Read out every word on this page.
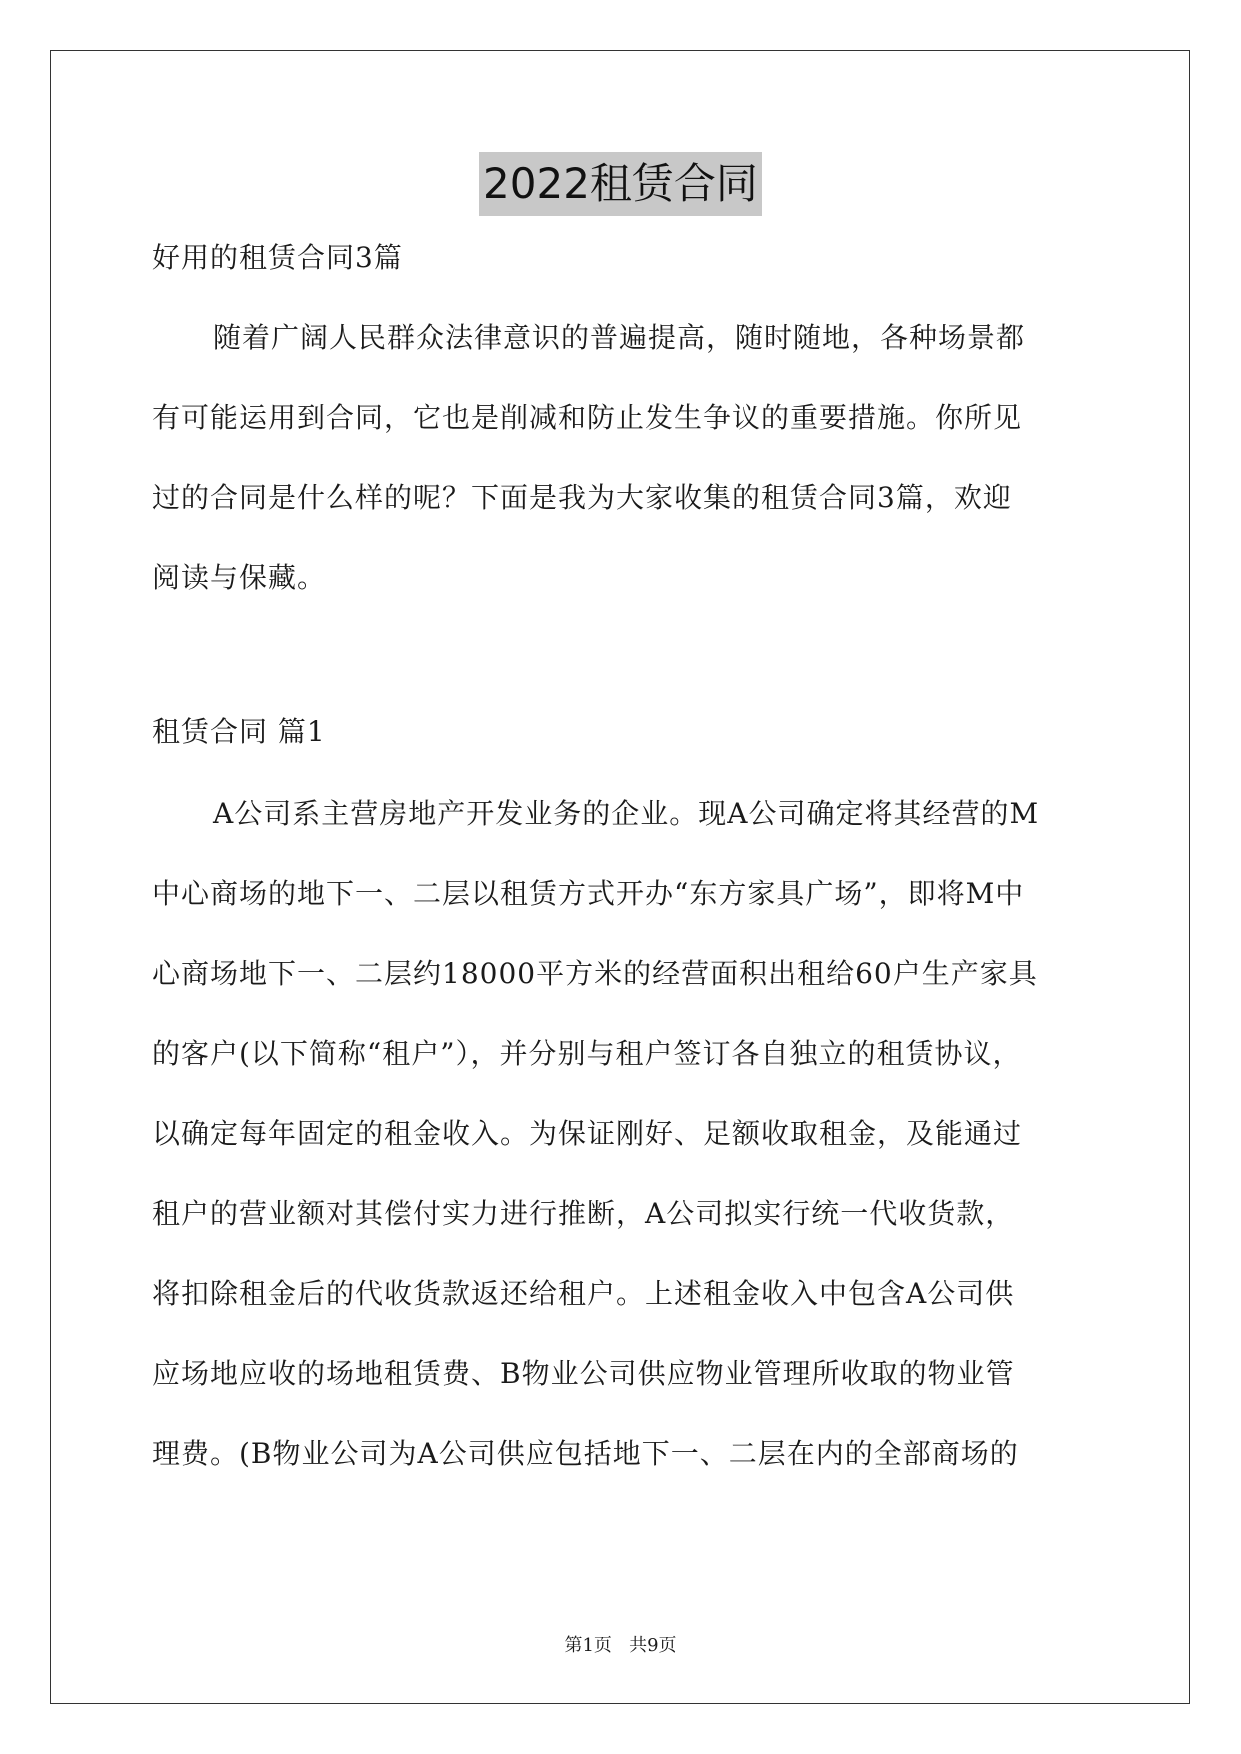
2022租赁合同
好用的租赁合同3篇
随着广阔人民群众法律意识的普遍提高，随时随地，各种场景都
有可能运用到合同，它也是削减和防止发生争议的重要措施。你所见
过的合同是什么样的呢？下面是我为大家收集的租赁合同3篇，欢迎
阅读与保藏。
租赁合同 篇1
A公司系主营房地产开发业务的企业。现A公司确定将其经营的M
中心商场的地下一、二层以租赁方式开办“东方家具广场”，即将M中
心商场地下一、二层约18000平方米的经营面积出租给60户生产家具
的客户(以下简称“租户”），并分别与租户签订各自独立的租赁协议，
以确定每年固定的租金收入。为保证刚好、足额收取租金，及能通过
租户的营业额对其偿付实力进行推断，A公司拟实行统一代收货款，
将扣除租金后的代收货款返还给租户。上述租金收入中包含A公司供
应场地应收的场地租赁费、B物业公司供应物业管理所收取的物业管
理费。(B物业公司为A公司供应包括地下一、二层在内的全部商场的
第1页   共9页
